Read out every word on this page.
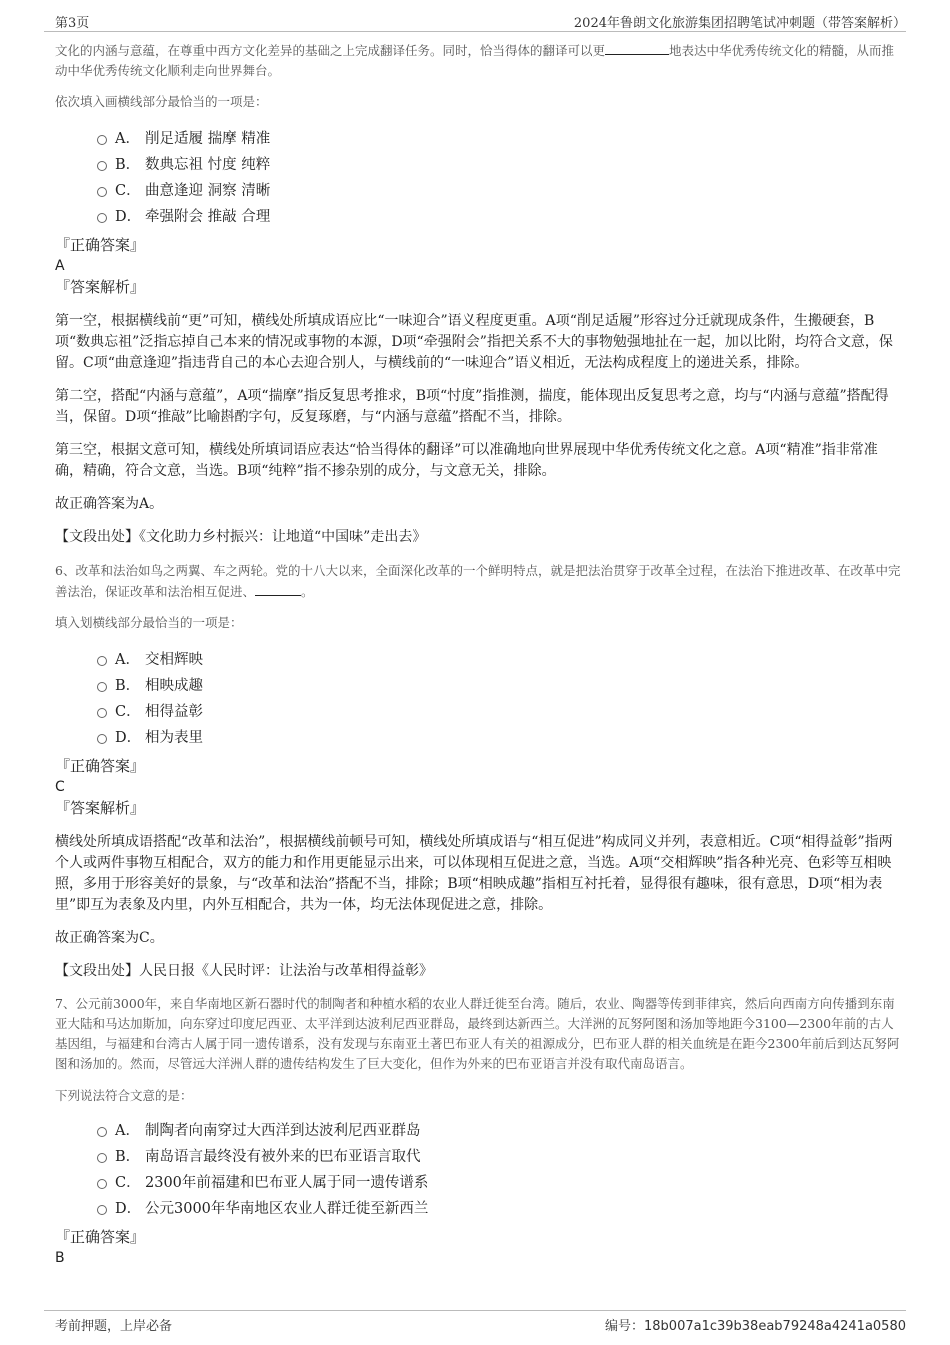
第3页	2024年鲁朗文化旅游集团招聘笔试冲刺题（带答案解析）

文化的内涵与意蕴，在尊重中西方文化差异的基础之上完成翻译任务。同时，恰当得体的翻译可以更	地表达中华优秀传统文化的精髓，从而推动中华优秀传统文化顺利走向世界舞台。

依次填入画横线部分最恰当的一项是：

A． 削足适履 揣摩 精准
B． 数典忘祖 忖度 纯粹
C． 曲意逢迎 洞察 清晰
D． 牵强附会 推敲 合理

『正确答案』

A

『答案解析』

第一空，根据横线前“更”可知，横线处所填成语应比“一味迎合”语义程度更重。A项“削足适履”形容过分迁就现成条件，生搬硬套，B项“数典忘祖”泛指忘掉自己本来的情况或事物的本源，D项“牵强附会”指把关系不大的事物勉强地扯在一起，加以比附，均符合文意，保留。C项“曲意逢迎”指违背自己的本心去迎合别人，与横线前的“一味迎合”语义相近，无法构成程度上的递进关系，排除。

第二空，搭配“内涵与意蕴”，A项“揣摩”指反复思考推求，B项“忖度”指推测，揣度，能体现出反复思考之意，均与“内涵与意蕴”搭配得当，保留。D项“推敲”比喻斟酌字句，反复琢磨，与“内涵与意蕴”搭配不当，排除。

第三空，根据文意可知，横线处所填词语应表达“恰当得体的翻译”可以准确地向世界展现中华优秀传统文化之意。A项“精准”指非常准确，精确，符合文意，当选。B项“纯粹”指不掺杂别的成分，与文意无关，排除。

故正确答案为A。

【文段出处】《文化助力乡村振兴：让地道“中国味”走出去》

6、改革和法治如鸟之两翼、车之两轮。党的十八大以来，全面深化改革的一个鲜明特点，就是把法治贯穿于改革全过程，在法治下推进改革、在改革中完善法治，保证改革和法治相互促进、	。

填入划横线部分最恰当的一项是：

A． 交相辉映
B． 相映成趣
C． 相得益彰
D． 相为表里

『正确答案』

C

『答案解析』

横线处所填成语搭配“改革和法治”，根据横线前顿号可知，横线处所填成语与“相互促进”构成同义并列，表意相近。C项“相得益彰”指两个人或两件事物互相配合，双方的能力和作用更能显示出来，可以体现相互促进之意，当选。A项“交相辉映”指各种光亮、色彩等互相映照，多用于形容美好的景象，与“改革和法治”搭配不当，排除；B项“相映成趣”指相互衬托着，显得很有趣味，很有意思，D项“相为表里”即互为表象及内里，内外互相配合，共为一体，均无法体现促进之意，排除。

故正确答案为C。

【文段出处】人民日报《人民时评：让法治与改革相得益彰》

7、公元前3000年，来自华南地区新石器时代的制陶者和种植水稻的农业人群迁徙至台湾。随后，农业、陶器等传到菲律宾，然后向西南方向传播到东南亚大陆和马达加斯加，向东穿过印度尼西亚、太平洋到达波利尼西亚群岛，最终到达新西兰。大洋洲的瓦努阿图和汤加等地距今3100—2300年前的古人基因组，与福建和台湾古人属于同一遗传谱系，没有发现与东南亚土著巴布亚人有关的祖源成分，巴布亚人群的相关血统是在距今2300年前后到达瓦努阿图和汤加的。然而，尽管远大洋洲人群的遗传结构发生了巨大变化，但作为外来的巴布亚语言并没有取代南岛语言。

下列说法符合文意的是：

A． 制陶者向南穿过大西洋到达波利尼西亚群岛
B． 南岛语言最终没有被外来的巴布亚语言取代
C． 2300年前福建和巴布亚人属于同一遗传谱系
D． 公元3000年华南地区农业人群迁徙至新西兰

『正确答案』

B

考前押题，上岸必备	编号：18b007a1c39b38eab79248a4241a0580
